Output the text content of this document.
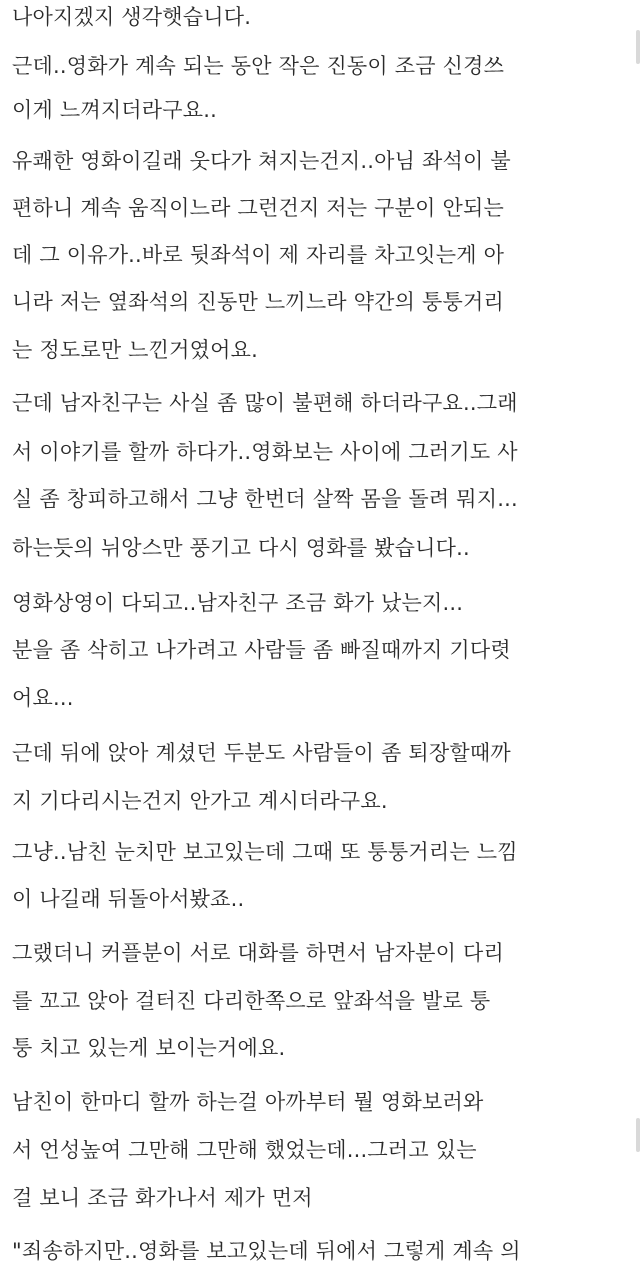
나아지겠지 생각햇습니다.
근데..영화가 계속 되는 동안 작은 진동이 조금 신경쓰
이게 느껴지더라구요..
유쾌한 영화이길래 웃다가 쳐지는건지..아님 좌석이 불
편하니 계속 움직이느라 그런건지 저는 구분이 안되는
데 그 이유가..바로 뒷좌석이 제 자리를 차고잇는게 아
니라 저는 옆좌석의 진동만 느끼느라 약간의 퉁퉁거리
는 정도로만 느낀거였어요.
근데 남자친구는 사실 좀 많이 불편해 하더라구요..그래
서 이야기를 할까 하다가..영화보는 사이에 그러기도 사
실 좀 창피하고해서 그냥 한번더 살짝 몸을 돌려 뭐지...
하는듯의 뉘앙스만 풍기고 다시 영화를 봤습니다..
영화상영이 다되고..남자친구 조금 화가 났는지...
분을 좀 삭히고 나가려고 사람들 좀 빠질때까지 기다렷
어요...
근데 뒤에 앉아 계셨던 두분도 사람들이 좀 퇴장할때까
지 기다리시는건지 안가고 계시더라구요.
그냥..남친 눈치만 보고있는데 그때 또 퉁퉁거리는 느낌
이 나길래 뒤돌아서봤죠..
그랬더니 커플분이 서로 대화를 하면서 남자분이 다리
를 꼬고 앉아 걸터진 다리한쪽으로 앞좌석을 발로 퉁
퉁 치고 있는게 보이는거에요.
남친이 한마디 할까 하는걸 아까부터 뭘 영화보러와
서 언성높여 그만해 그만해 했었는데...그러고 있는
걸 보니 조금 화가나서 제가 먼저
"죄송하지만..영화를 보고있는데 뒤에서 그렇게 계속 의
